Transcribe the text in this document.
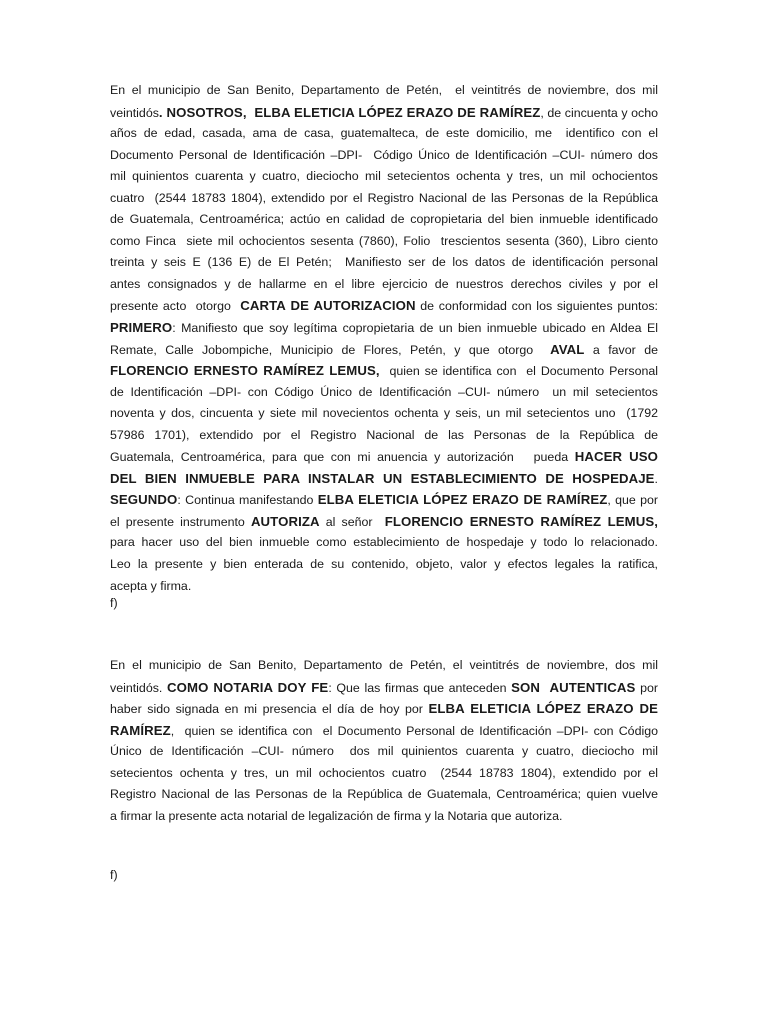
En el municipio de San Benito, Departamento de Petén,  el veintitrés de noviembre, dos mil
veintidós. NOSOTROS,  ELBA ELETICIA LÓPEZ ERAZO DE RAMÍREZ, de cincuenta y ocho
años de edad, casada, ama de casa, guatemalteca, de este domicilio, me  identifico con el
Documento Personal de Identificación –DPI-  Código Único de Identificación –CUI- número dos
mil quinientos cuarenta y cuatro, dieciocho mil setecientos ochenta y tres, un mil ochocientos
cuatro  (2544 18783 1804), extendido por el Registro Nacional de las Personas de la República
de Guatemala, Centroamérica; actúo en calidad de copropietaria del bien inmueble identificado
como Finca  siete mil ochocientos sesenta (7860), Folio  trescientos sesenta (360), Libro ciento
treinta y seis E (136 E) de El Petén;  Manifiesto ser de los datos de identificación personal
antes consignados y de hallarme en el libre ejercicio de nuestros derechos civiles y por el
presente acto  otorgo  CARTA DE AUTORIZACION de conformidad con los siguientes puntos:
PRIMERO: Manifiesto que soy legítima copropietaria de un bien inmueble ubicado en Aldea El
Remate, Calle Jobompiche, Municipio de Flores, Petén, y que otorgo  AVAL a favor de
FLORENCIO ERNESTO RAMÍREZ LEMUS,  quien se identifica con  el Documento Personal
de Identificación –DPI- con Código Único de Identificación –CUI- número  un mil setecientos
noventa y dos, cincuenta y siete mil novecientos ochenta y seis, un mil setecientos uno  (1792
57986 1701), extendido por el Registro Nacional de las Personas de la República de
Guatemala, Centroamérica, para que con mi anuencia y autorización   pueda HACER USO
DEL BIEN INMUEBLE PARA INSTALAR UN ESTABLECIMIENTO DE HOSPEDAJE.
SEGUNDO: Continua manifestando ELBA ELETICIA LÓPEZ ERAZO DE RAMÍREZ, que por
el presente instrumento AUTORIZA al señor  FLORENCIO ERNESTO RAMÍREZ LEMUS,
para hacer uso del bien inmueble como establecimiento de hospedaje y todo lo relacionado.
Leo la presente y bien enterada de su contenido, objeto, valor y efectos legales la ratifica,
acepta y firma.
f)
En el municipio de San Benito, Departamento de Petén, el veintitrés de noviembre, dos mil
veintidós. COMO NOTARIA DOY FE: Que las firmas que anteceden SON  AUTENTICAS por
haber sido signada en mi presencia el día de hoy por ELBA ELETICIA LÓPEZ ERAZO DE
RAMÍREZ,  quien se identifica con  el Documento Personal de Identificación –DPI- con Código
Único de Identificación –CUI- número  dos mil quinientos cuarenta y cuatro, dieciocho mil
setecientos ochenta y tres, un mil ochocientos cuatro  (2544 18783 1804), extendido por el
Registro Nacional de las Personas de la República de Guatemala, Centroamérica; quien vuelve
a firmar la presente acta notarial de legalización de firma y la Notaria que autoriza.
f)
